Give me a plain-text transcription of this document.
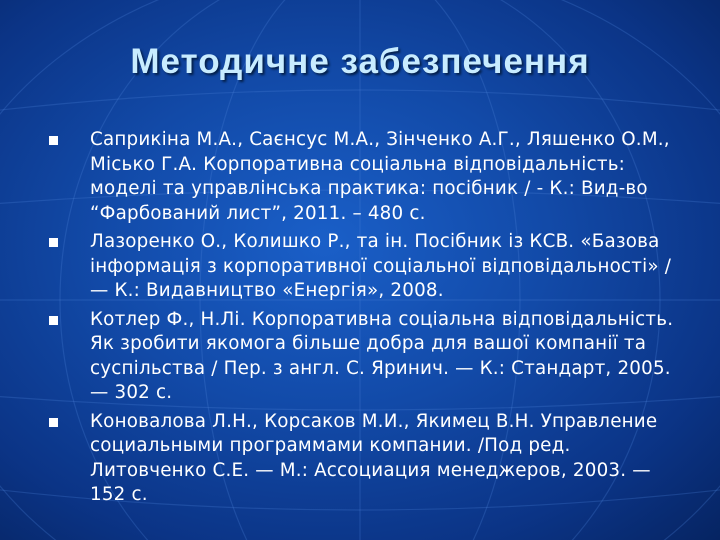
Методичне забезпечення
Саприкіна М.А., Саєнсус М.А., Зінченко А.Г., Ляшенко О.М., Місько Г.А. Корпоративна соціальна відповідальність: моделі та управлінська практика: посібник / - К.: Вид-во “Фарбований лист”, 2011. – 480 с.
Лазоренко О., Колишко Р., та ін. Посібник із КСВ. «Базова інформація з корпоративної соціальної відповідальності» / — К.: Видавництво «Енергія», 2008.
Котлер Ф., Н.Лі. Корпоративна соціальна відповідальність. Як зробити якомога більше добра для вашої компанії та суспільства / Пер. з англ. С. Яринич. — К.: Стандарт, 2005. — 302 с.
Коновалова Л.Н., Корсаков М.И., Якимец В.Н. Управление социальными программами компании. /Под ред. Литовченко С.Е. — М.: Ассоциация менеджеров, 2003. — 152 с.
